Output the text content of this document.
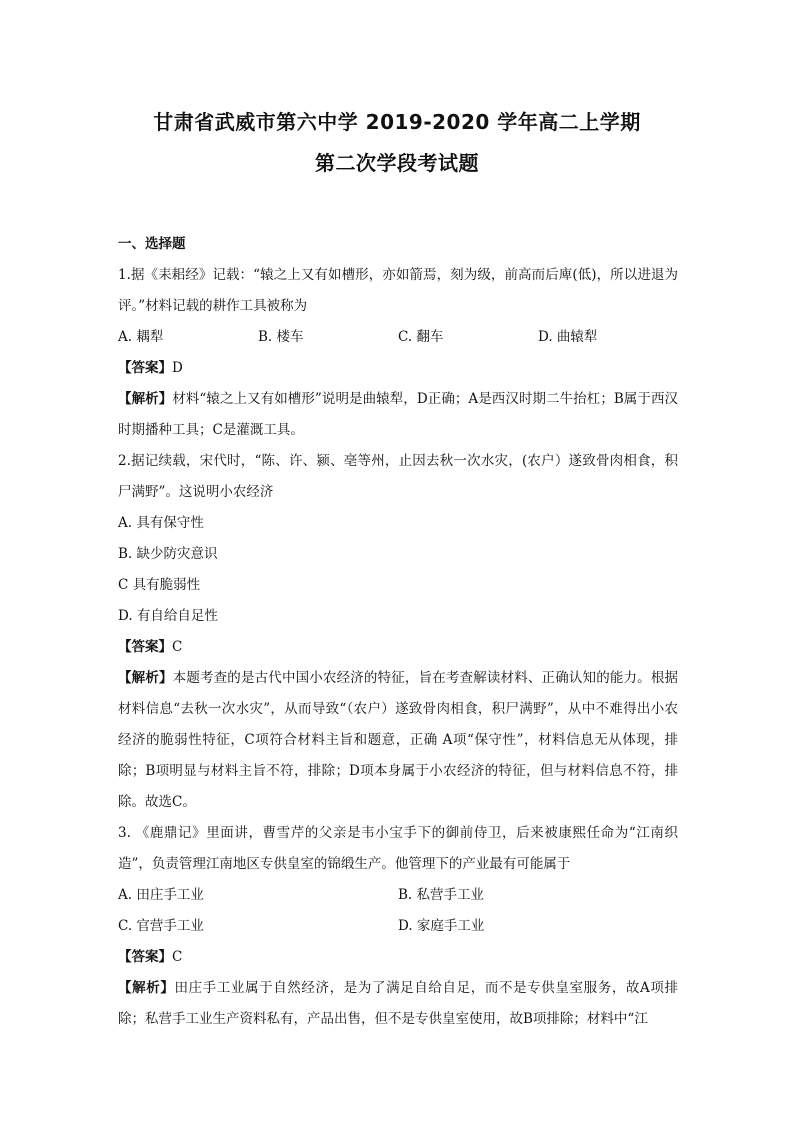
甘肃省武威市第六中学 2019-2020 学年高二上学期
第二次学段考试题
一、选择题

1.据《耒耜经》记载：“辕之上又有如槽形，亦如箭焉，刻为级，前高而后庳(低)，所以进退为评。”材料记载的耕作工具被称为

A. 耦犁	B. 楼车	C. 翻车	D. 曲辕犁

【答案】D

【解析】材料“辕之上又有如槽形”说明是曲辕犁，D正确；A是西汉时期二牛抬杠；B属于西汉时期播种工具；C是灌溉工具。

2.据记续载，宋代时，“陈、许、颍、亳等州，止因去秋一次水灾，(农户）遂致骨肉相食，积尸满野”。这说明小农经济

A. 具有保守性
B. 缺少防灾意识
C 具有脆弱性
D. 有自给自足性

【答案】C

【解析】本题考查的是古代中国小农经济的特征，旨在考查解读材料、正确认知的能力。根据材料信息“去秋一次水灾”，从而导致“（农户）遂致骨肉相食，积尸满野”，从中不难得出小农经济的脆弱性特征，C项符合材料主旨和题意，正确 A项“保守性”，材料信息无从体现，排除；B项明显与材料主旨不符，排除；D项本身属于小农经济的特征，但与材料信息不符，排除。故选C。

3. 《鹿鼎记》里面讲，曹雪芹的父亲是韦小宝手下的御前侍卫，后来被康熙任命为“江南织造”，负责管理江南地区专供皇室的锦缎生产。他管理下的产业最有可能属于

A. 田庄手工业	B. 私营手工业
C. 官营手工业	D. 家庭手工业

【答案】C

【解析】田庄手工业属于自然经济，是为了满足自给自足，而不是专供皇室服务，故A项排除；私营手工业生产资料私有，产品出售，但不是专供皇室使用，故B项排除；材料中“江
